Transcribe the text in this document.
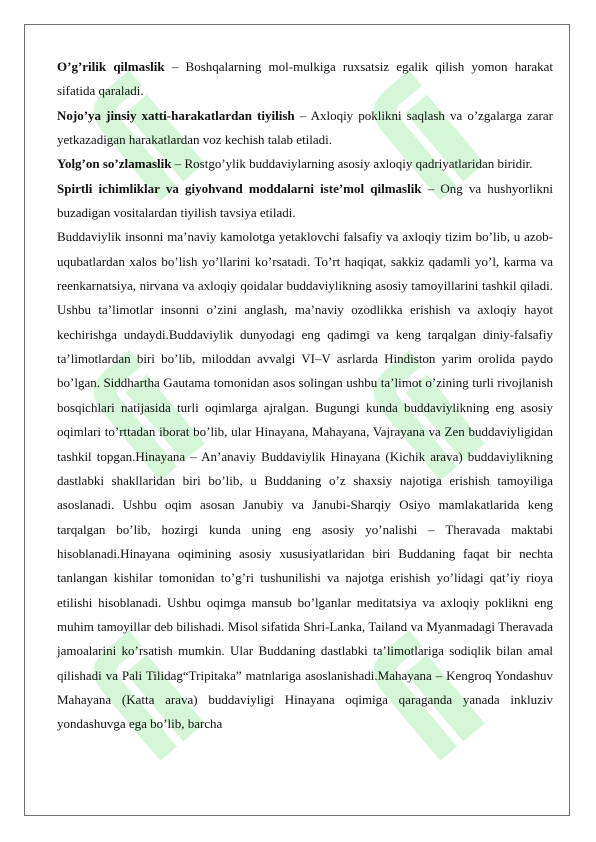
O’g’rilik qilmaslik – Boshqalarning mol-mulkiga ruxsatsiz egalik qilish yomon harakat sifatida qaraladi.

Nojo’ya jinsiy xatti-harakatlardan tiyilish – Axloqiy poklikni saqlash va o’zgalarga zarar yetkazadigan harakatlardan voz kechish talab etiladi.

Yolg’on so’zlamaslik – Rostgo’ylik buddaviylarning asosiy axloqiy qadriyatlaridan biridir.

Spirtli ichimliklar va giyohvand moddalarni iste’mol qilmaslik – Ong va hushyorlikni buzadigan vositalardan tiyilish tavsiya etiladi.

Buddaviylik insonni ma’naviy kamolotga yetaklovchi falsafiy va axloqiy tizim bo’lib, u azob-uqubatlardan xalos bo’lish yo’llarini ko’rsatadi. To’rt haqiqat, sakkiz qadamli yo’l, karma va reenkarnatsiya, nirvana va axloqiy qoidalar buddaviylikning asosiy tamoyillarini tashkil qiladi. Ushbu ta’limotlar insonni o’zini anglash, ma’naviy ozodlikka erishish va axloqiy hayot kechirishga undaydi.Buddaviylik dunyodagi eng qadimgi va keng tarqalgan diniy-falsafiy ta’limotlardan biri bo’lib, miloddan avvalgi VI–V asrlarda Hindiston yarim orolida paydo bo’lgan. Siddhartha Gautama tomonidan asos solingan ushbu ta’limot o’zining turli rivojlanish bosqichlari natijasida turli oqimlarga ajralgan. Bugungi kunda buddaviylikning eng asosiy oqimlari to’rttadan iborat bo’lib, ular Hinayana, Mahayana, Vajrayana va Zen buddaviyligidan tashkil topgan.Hinayana – An’anaviy Buddaviylik Hinayana (Kichik arava) buddaviylikning dastlabki shakllaridan biri bo’lib, u Buddaning o’z shaxsiy najotiga erishish tamoyiliga asoslanadi. Ushbu oqim asosan Janubiy va Janubi-Sharqiy Osiyo mamlakatlarida keng tarqalgan bo’lib, hozirgi kunda uning eng asosiy yo’nalishi – Theravada maktabi hisoblanadi.Hinayana oqimining asosiy xususiyatlaridan biri Buddaning faqat bir nechta tanlangan kishilar tomonidan to’g’ri tushunilishi va najotga erishish yo’lidagi qat’iy rioya etilishi hisoblanadi. Ushbu oqimga mansub bo’lganlar meditatsiya va axloqiy poklikni eng muhim tamoyillar deb bilishadi. Misol sifatida Shri-Lanka, Tailand va Myanmadagi Theravada jamoalarini ko’rsatish mumkin. Ular Buddaning dastlabki ta’limotlariga sodiqlik bilan amal qilishadi va Pali Tilidag“Tripitaka” matnlariga asoslanishadi.Mahayana – Kengroq Yondashuv Mahayana (Katta arava) buddaviyligi Hinayana oqimiga qaraganda yanada inkluziv yondashuvga ega bo’lib, barcha
